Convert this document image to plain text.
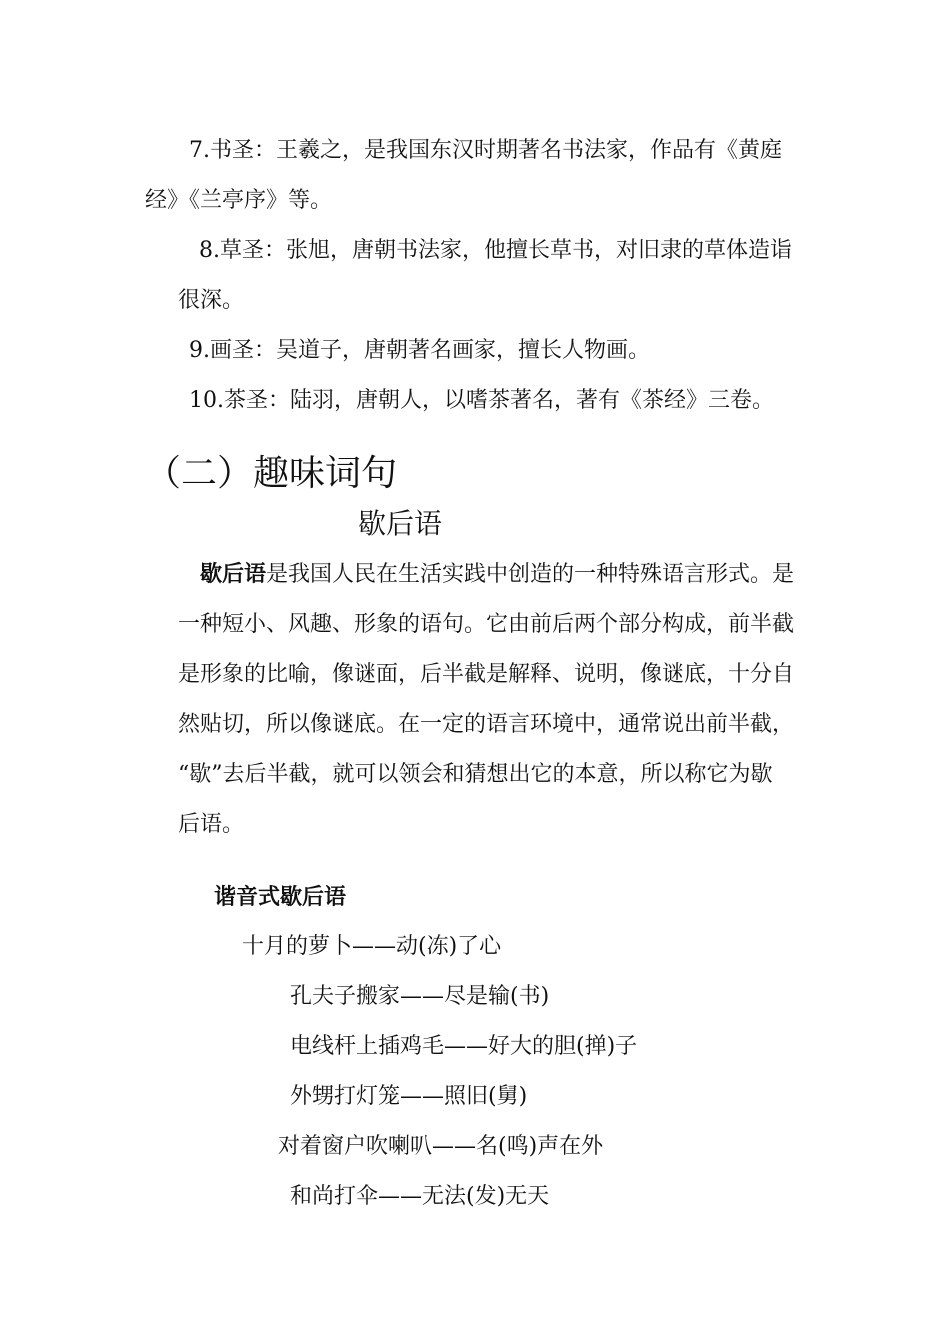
7.书圣：王羲之，是我国东汉时期著名书法家，作品有《黄庭
经》《兰亭序》等。
8.草圣：张旭，唐朝书法家，他擅长草书，对旧隶的草体造诣
很深。
9.画圣：吴道子，唐朝著名画家，擅长人物画。
10.茶圣：陆羽，唐朝人，以嗜茶著名，著有《茶经》三卷。
（二）趣味词句
歇后语
歇后语是我国人民在生活实践中创造的一种特殊语言形式。是
一种短小、风趣、形象的语句。它由前后两个部分构成，前半截
是形象的比喻，像谜面，后半截是解释、说明，像谜底，十分自
然贴切，所以像谜底。在一定的语言环境中，通常说出前半截，
“歇”去后半截，就可以领会和猜想出它的本意，所以称它为歇
后语。
谐音式歇后语
十月的萝卜——动(冻)了心
孔夫子搬家——尽是输(书)
电线杆上插鸡毛——好大的胆(掸)子
外甥打灯笼——照旧(舅)
对着窗户吹喇叭——名(鸣)声在外
和尚打伞——无法(发)无天
